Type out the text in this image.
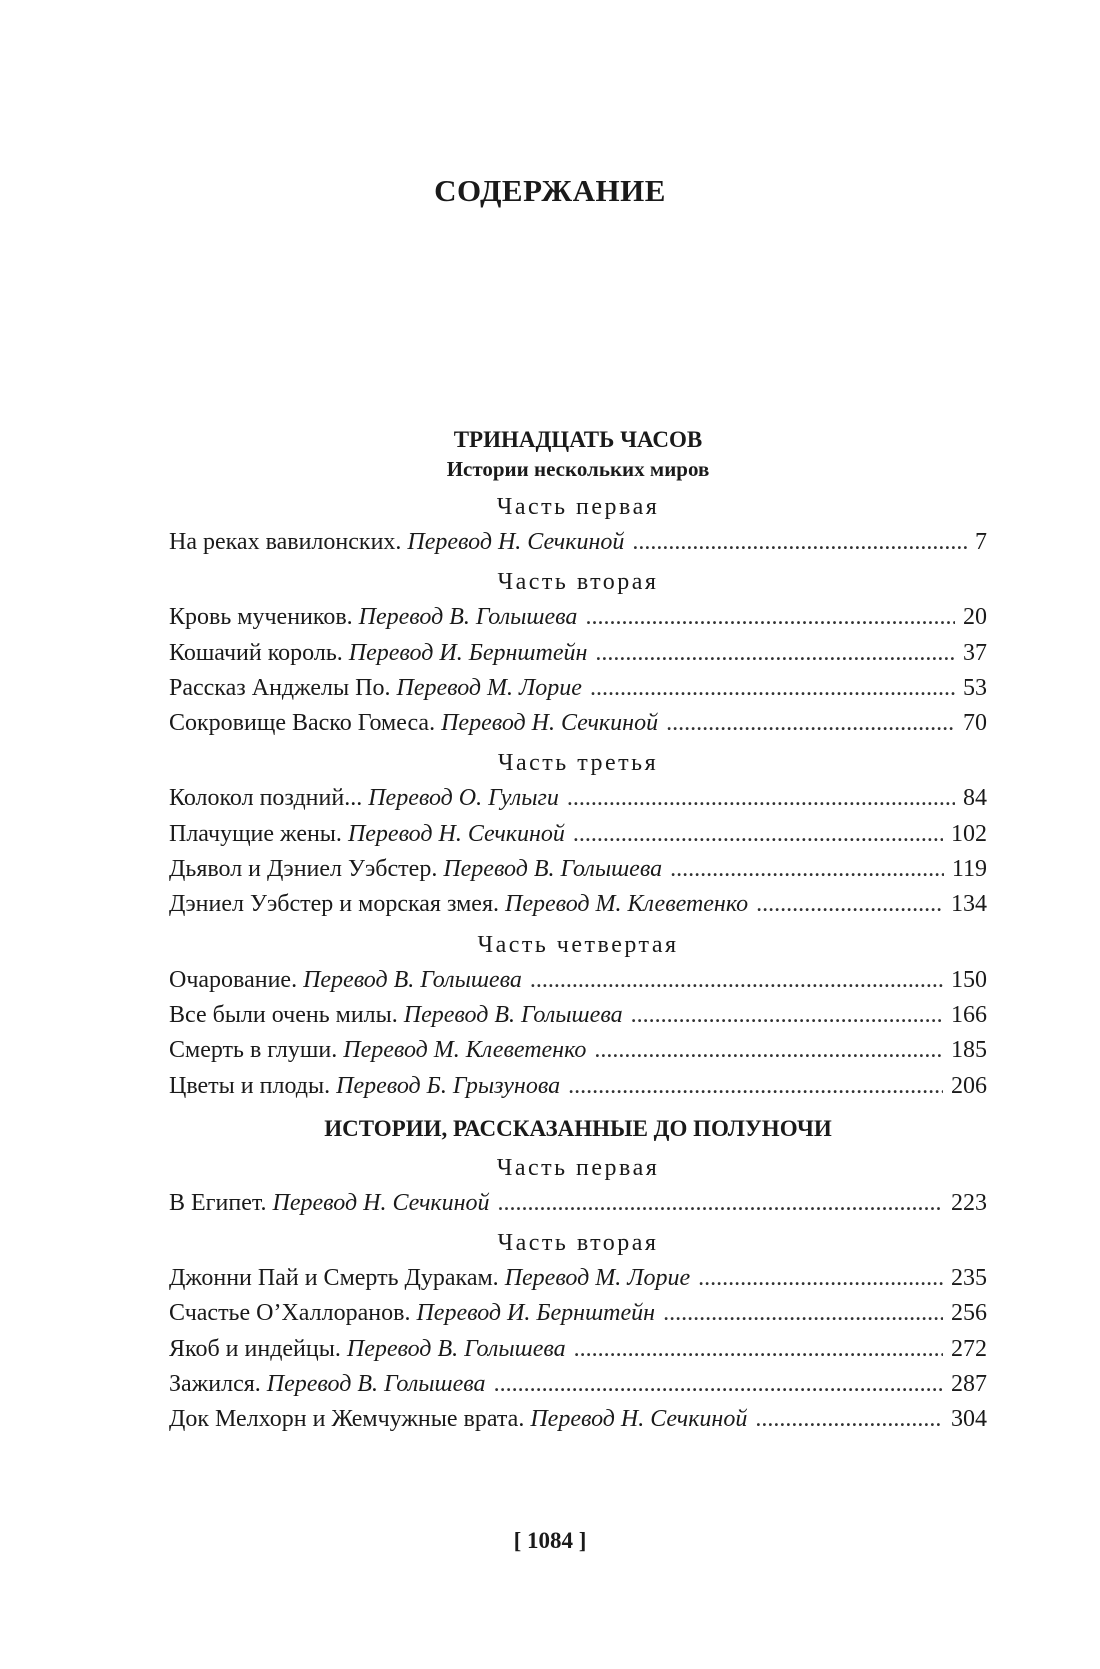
СОДЕРЖАНИЕ
ТРИНАДЦАТЬ ЧАСОВ
Истории нескольких миров
Часть первая
На реках вавилонских. Перевод Н. Сечкиной . . .	7
Часть вторая
Кровь мучеников. Перевод В. Голышева . . .	20
Кошачий король. Перевод И. Бернштейн . . .	37
Рассказ Анджелы По. Перевод М. Лорие . . .	53
Сокровище Васко Гомеса. Перевод Н. Сечкиной . . .	70
Часть третья
Колокол поздний... Перевод О. Гулыги . . .	84
Плачущие жены. Перевод Н. Сечкиной . . .	102
Дьявол и Дэниел Уэбстер. Перевод В. Голышева . . .	119
Дэниел Уэбстер и морская змея. Перевод М. Клеветенко . . .	134
Часть четвертая
Очарование. Перевод В. Голышева . . .	150
Все были очень милы. Перевод В. Голышева . . .	166
Смерть в глуши. Перевод М. Клеветенко . . .	185
Цветы и плоды. Перевод Б. Грызунова . . .	206
ИСТОРИИ, РАССКАЗАННЫЕ ДО ПОЛУНОЧИ
Часть первая
В Египет. Перевод Н. Сечкиной . . .	223
Часть вторая
Джонни Пай и Смерть Дуракам. Перевод М. Лорие . . .	235
Счастье О’Халлоранов. Перевод И. Бернштейн . . .	256
Якоб и индейцы. Перевод В. Голышева . . .	272
Зажился. Перевод В. Голышева . . .	287
Док Мелхорн и Жемчужные врата. Перевод Н. Сечкиной . . .	304
[ 1084 ]
